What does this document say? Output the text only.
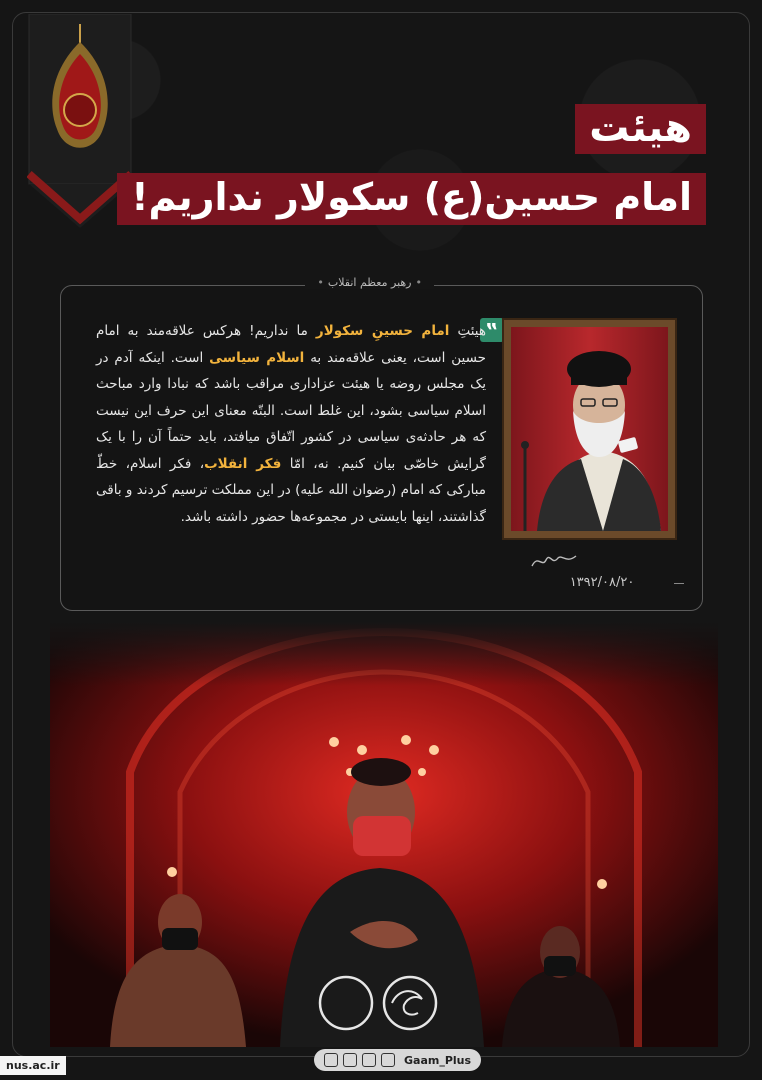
هیئت
امام حسین(ع) سکولار نداریم!
• رهبر معظم انقلاب •
‟
هیئتِ امام حسینِ سکولار ما نداریم! هرکس علاقه‌مند به امام حسین است، یعنی علاقه‌مند به اسلام سیاسی است. اینکه آدم در یک مجلس روضه یا هیئت عزاداری مراقب باشد که نبادا وارد مباحث اسلام سیاسی بشود، این غلط است. البتّه معنای این حرف این نیست که هر حادثه‌ی سیاسی در کشور اتّفاق میافتد، باید حتماً آن را با یک گرایش خاصّی بیان کنیم. نه، امّا فکر انقلاب، فکر اسلام، خطّ مبارکی که امام (رضوان الله علیه) در این مملکت ترسیم کردند و باقی گذاشتند، اینها بایستی در مجموعه‌ها حضور داشته باشد.
۱۳۹۲/۰۸/۲۰
Gaam_Plus
nus.ac.ir
